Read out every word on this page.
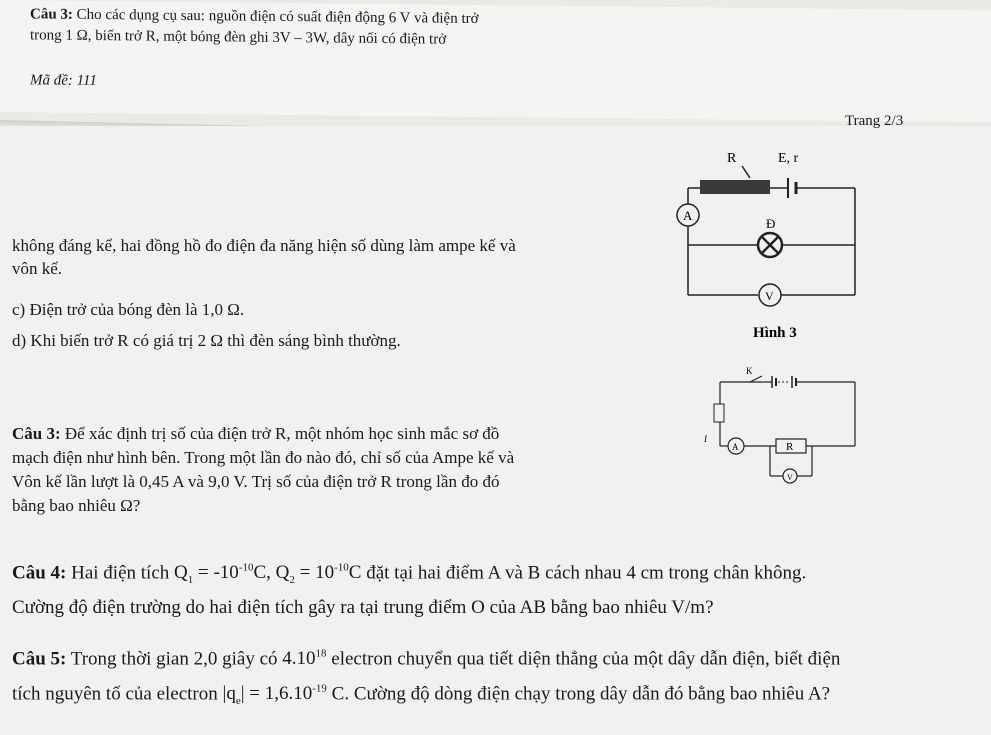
Câu 3: Cho các dụng cụ sau: nguồn điện có suất điện động 6 V và điện trở
trong 1 Ω, biến trở R, một bóng đèn ghi 3V – 3W, dây nối có điện trở
Mã đề: 111
Trang 2/3
R	E, r
A
Đ
V
Hình 3
không đáng kể, hai đồng hồ đo điện đa năng hiện số dùng làm ampe kế và
vôn kế.
c) Điện trở của bóng đèn là 1,0 Ω.
d) Khi biến trở R có giá trị 2 Ω thì đèn sáng bình thường.
K
I
A	R
V
Câu 3: Để xác định trị số của điện trở R, một nhóm học sinh mắc sơ đồ
mạch điện như hình bên. Trong một lần đo nào đó, chỉ số của Ampe kế và
Vôn kế lần lượt là 0,45 A và 9,0 V. Trị số của điện trở R trong lần đo đó
bằng bao nhiêu Ω?
Câu 4: Hai điện tích $Q_1 = -10^{-10}C$, $Q_2 = 10^{-10}C$ đặt tại hai điểm A và B cách nhau 4 cm trong chân không.
Cường độ điện trường do hai điện tích gây ra tại trung điểm O của AB bằng bao nhiêu V/m?
Câu 5: Trong thời gian 2,0 giây có 4.10$^{18}$ electron chuyển qua tiết diện thẳng của một dây dẫn điện, biết điện
tích nguyên tố của electron $|q_e| = 1,6.10^{-19}$ C. Cường độ dòng điện chạy trong dây dẫn đó bằng bao nhiêu A?
